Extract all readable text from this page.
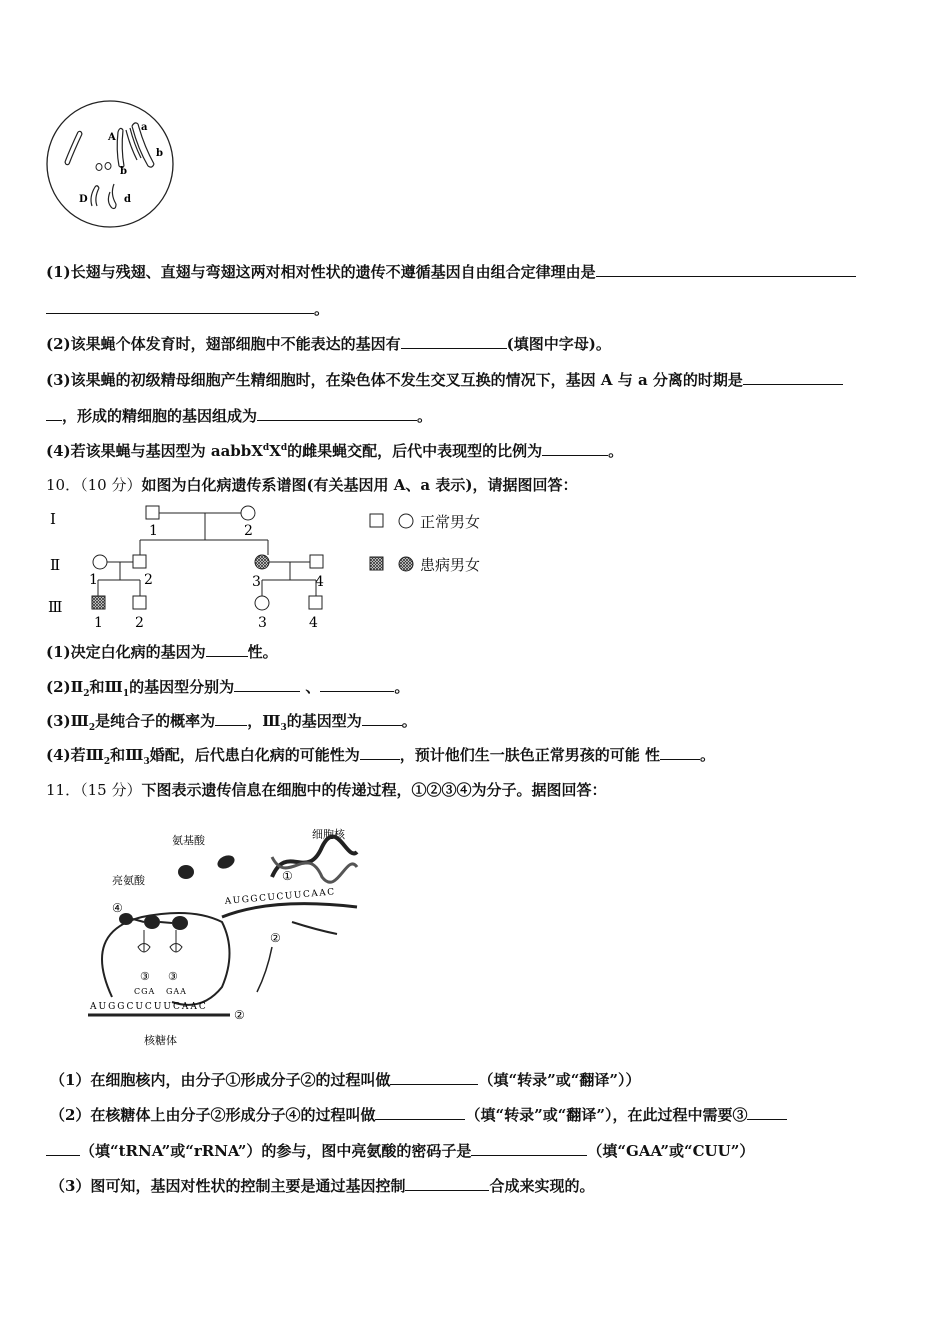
A
a
b
b
D	d
(1)长翅与残翅、直翅与弯翅这两对相对性状的遗传不遵循基因自由组合定律理由是
。
(2)该果蝇个体发育时，翅部细胞中不能表达的基因有	(填图中字母)。
(3)该果蝇的初级精母细胞产生精细胞时，在染色体不发生交叉互换的情况下，基因 A 与 a 分离的时期是
，形成的精细胞的基因组成为	。
(4)若该果蝇与基因型为 $aabbX^dX^d$的雌果蝇交配，后代中表现型的比例为	。
10．（10 分）如图为白化病遗传系谱图(有关基因用 A、a 表示)，请据图回答：
Ⅰ
Ⅱ
Ⅲ
1	2
1	2	3	4
1 2	3	4
正常男女
患病男女
(1)决定白化病的基因为	性。
$(2)Ⅱ_2$和$Ⅲ_1$的基因型分别为	、	。
$(3)Ⅲ_2$是纯合子的概率为 ，$Ⅲ_3$的基因型为	。
(4)若$Ⅲ_2$和$Ⅲ_3$婚配，后代患白化病的可能性为	，预计他们生一肤色正常男孩的可能 性	。
11．（15 分）下图表示遗传信息在细胞中的传递过程，①②③④为分子。据图回答：
氨基酸	细胞核
亮氨酸	①
AUGGCUCUUCAAC
②
④
③ ③
CGA GAA
AUGGCUCUUCAAC
②
核糖体
（1）在细胞核内，由分子①形成分子②的过程叫做	（填“转录”或“翻译”））
（2）在核糖体上由分子②形成分子④的过程叫做	（填“转录”或“翻译”），在此过程中需要③
（填“tRNA”或“rRNA”）的参与，图中亮氨酸的密码子是	（填“GAA”或“CUU”）
（3）图可知，基因对性状的控制主要是通过基因控制	合成来实现的。
